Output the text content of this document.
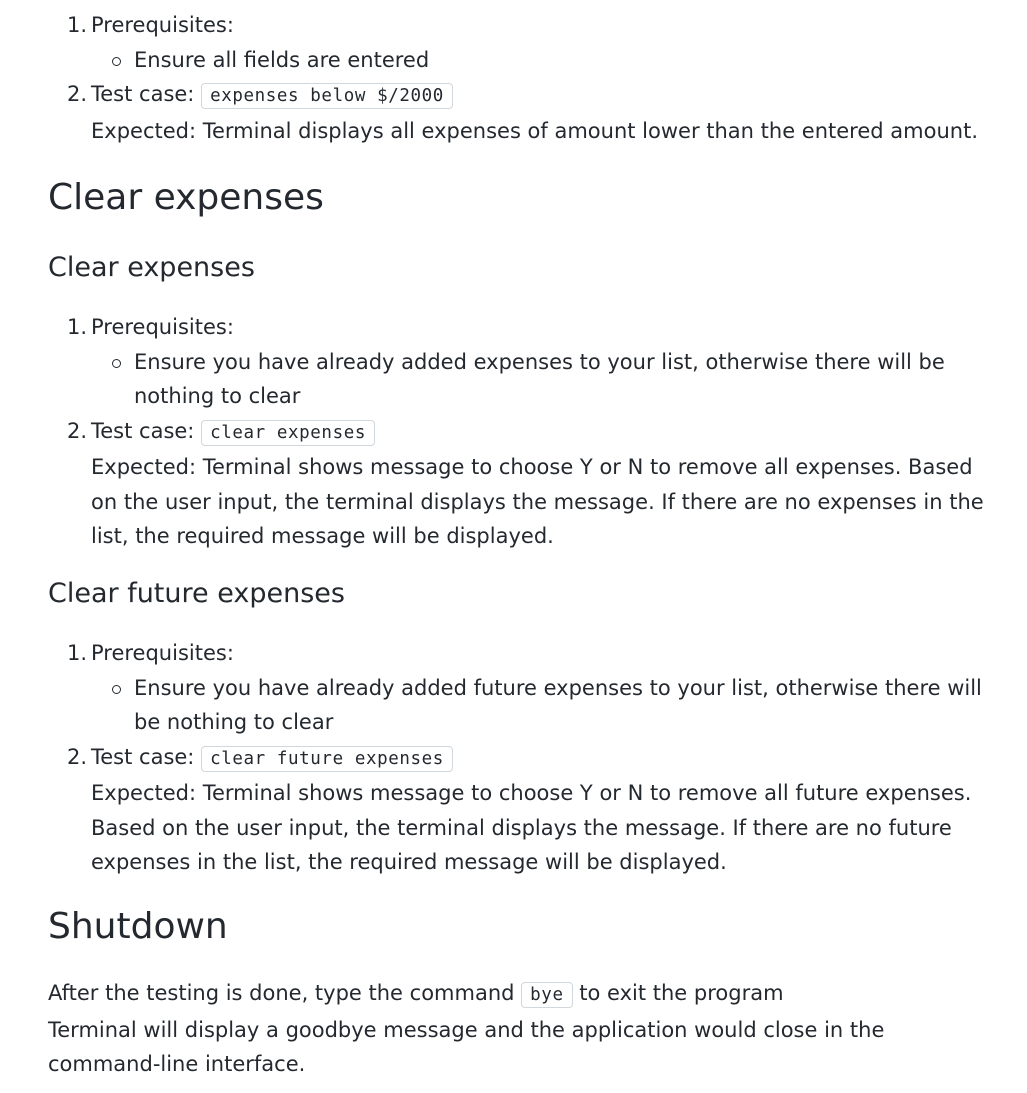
1. Prerequisites:
Ensure all fields are entered
2. Test case: expenses below $/2000

Expected: Terminal displays all expenses of amount lower than the entered amount.

Clear expenses
Clear expenses
1. Prerequisites:
Ensure you have already added expenses to your list, otherwise there will be nothing to clear
2. Test case: clear expenses

Expected: Terminal shows message to choose Y or N to remove all expenses. Based on the user input, the terminal displays the message. If there are no expenses in the list, the required message will be displayed.

Clear future expenses
1. Prerequisites:
Ensure you have already added future expenses to your list, otherwise there will be nothing to clear
2. Test case: clear future expenses

Expected: Terminal shows message to choose Y or N to remove all future expenses. Based on the user input, the terminal displays the message. If there are no future expenses in the list, the required message will be displayed.

Shutdown

After the testing is done, type the command bye to exit the program

Terminal will display a goodbye message and the application would close in the command-line interface.
